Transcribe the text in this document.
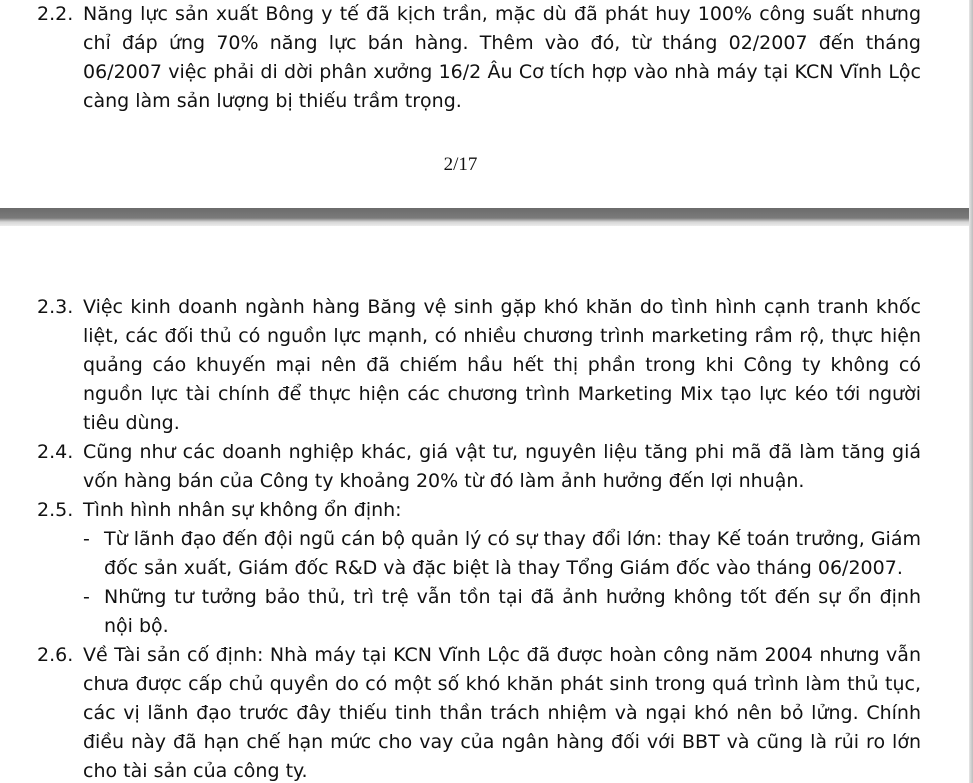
2.2. Năng lực sản xuất Bông y tế đã kịch trần, mặc dù đã phát huy 100% công suất nhưng chỉ đáp ứng 70% năng lực bán hàng. Thêm vào đó, từ tháng 02/2007 đến tháng 06/2007 việc phải di dời phân xưởng 16/2 Âu Cơ tích hợp vào nhà máy tại KCN Vĩnh Lộc càng làm sản lượng bị thiếu trầm trọng.
2/17
2.3. Việc kinh doanh ngành hàng Băng vệ sinh gặp khó khăn do tình hình cạnh tranh khốc liệt, các đối thủ có nguồn lực mạnh, có nhiều chương trình marketing rầm rộ, thực hiện quảng cáo khuyến mại nên đã chiếm hầu hết thị phần trong khi Công ty không có nguồn lực tài chính để thực hiện các chương trình Marketing Mix tạo lực kéo tới người tiêu dùng.
2.4. Cũng như các doanh nghiệp khác, giá vật tư, nguyên liệu tăng phi mã đã làm tăng giá vốn hàng bán của Công ty khoảng 20% từ đó làm ảnh hưởng đến lợi nhuận.
2.5. Tình hình nhân sự không ổn định:
- Từ lãnh đạo đến đội ngũ cán bộ quản lý có sự thay đổi lớn: thay Kế toán trưởng, Giám đốc sản xuất, Giám đốc R&D và đặc biệt là thay Tổng Giám đốc vào tháng 06/2007.
- Những tư tưởng bảo thủ, trì trệ vẫn tồn tại đã ảnh hưởng không tốt đến sự ổn định nội bộ.
2.6. Về Tài sản cố định: Nhà máy tại KCN Vĩnh Lộc đã được hoàn công năm 2004 nhưng vẫn chưa được cấp chủ quyền do có một số khó khăn phát sinh trong quá trình làm thủ tục, các vị lãnh đạo trước đây thiếu tinh thần trách nhiệm và ngại khó nên bỏ lửng. Chính điều này đã hạn chế hạn mức cho vay của ngân hàng đối với BBT và cũng là rủi ro lớn cho tài sản của công ty.
